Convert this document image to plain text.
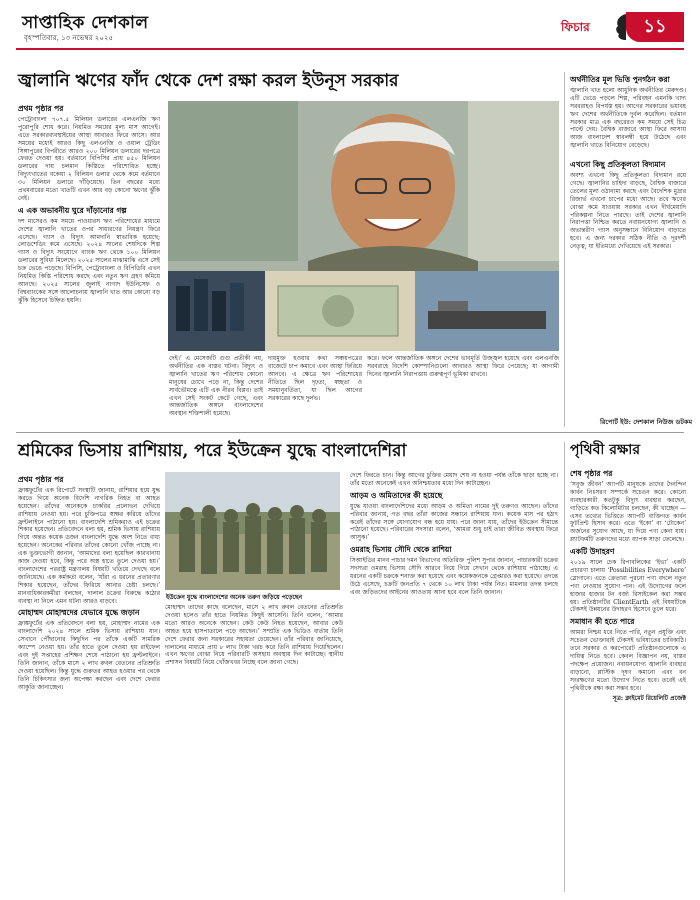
সাপ্তাহিক দেশকাল
বৃহস্পতিবার, ১৩ নভেম্বর ২০২৫
ফিচার	১১
জ্বালানি ঋণের ফাঁদ থেকে দেশ রক্ষা করল ইউনূস সরকার
প্রথম পৃষ্ঠার পর

পেট্রোবাংলা ৭০৭.৫ মিলিয়ন ডলারের এলএনজি ঋণ পুরোপুরি শোধ করে। নিয়মিত সময়ের মূল্য মাস আগেই। এতে সরকারব্যবস্থাইয়ের আস্থা আবারও ফিরে আসে। আর সময়ের মধ্যেই আরও কিছু এলএনজি ও ওয়াল ট্রেডিং সিঙ্গাপুরের বিপরীতে আরও ২০০ মিলিয়ন ডলারের দরপত্রে ফেরত দেওয়া হয়। বর্তমানে বিপিসির প্রায় ৪৫০ মিলিয়ন ডলারের দায় চলমান কিস্তিতে পরিশোধিত হচ্ছে। বিদ্যুৎখাতের বকেয়া ২ বিলিয়ন ডলার থেকে কমে বর্তমানে ৩০ মিলিয়ন ডলারে দাঁড়িয়েছে। তিন বছরের মধ্যে প্রথমবারের মতো খাতটি এখন আর বড় কোনো ঋণের ঝুঁকি নেই।

এ এক অভাবনীয় ঘুরে দাঁড়ানোর গল্প

দশ মাসেরও কম সময়ে পাওয়ারস ঋণ পরিশোধের মাধ্যমে দেশের জ্বালানি খাতের ওপর সাধারণের নিয়ন্ত্রণ ফিরে এসেছে। গ্যাস ও বিদ্যুৎ আমদানি স্বাভাবিক হয়েছে; লোডশেডিং কমে এসেছে। ২০২৪ সালের শেষদিকে শিল্প গ্যাস ও বিদ্যুৎ সংযোগে ব্যাংক ঋণ থেকে ১০০ মিলিয়ন ডলারের সুবিধা মিলেছে। ২০২৫ সালের মাঝামাঝি এসে সেই চক্র ভেঙে পড়েছে। বিপিসি, পেট্রোবাংলা ও বিপিডিবি এখন নিয়মিত কিস্তি পরিশোধ করছে এবং নতুন ঋণ গ্রহণ কমিয়ে আনছে। ২০২৫ সালের জুলাই নাগাদ ইউনিসেফ ও বিশ্বব্যাংকের সঙ্গে আলোচনায় জ্বালানি খাত আর কোনো বড় ঝুঁকি হিসেবে চিহ্নিত হয়নি।

দেই।’ এ মেসেজটি গুগু প্রতীকী নয়, অর্থনীতির এক বাস্তব ঘটনা। বিদ্যুৎ ও জ্বালানি খাতের ঋণ পরিশোধ কোনো মানুষের চোখে পড়ে না, কিন্তু দেশের সার্বভৌমত্বে এটি এক নীরব বিপ্লব। তাই এখন সেই সংকট কেটে গেছে, এবং আন্তর্জাতিক অঙ্গনে বাংলাদেশের অবস্থান শক্তিশালী হয়েছে।

দায়মুক্ত হওয়ার কথা সঞ্চয়পত্রের বাজেটে চাপ কমাবে এবং আস্থা ফিরিয়ে আনবে। এ ক্ষেত্রে ঋণ পরিশোধের নীতিতে ছিল দৃঢ়তা, স্বচ্ছতা ও সময়ানুবর্তিতা, যা ছিল আগের সরকারের কাছে দুর্লভ।

করে। ফলে আন্তর্জাতিক অঙ্গনে দেশের ভাবমূর্তি উজ্জ্বল হয়েছে এবং এলএনজি সরবরাহে বিদেশি কোম্পানিগুলো আবারও আস্থা ফিরে পেয়েছে; যা আগামী দিনের জ্বালানি নিরাপত্তায় গুরুত্বপূর্ণ ভূমিকা রাখবে।

অর্থনীতির মূল ভিত্তি পুনর্গঠন করা

জ্বালানি খাত হলো আধুনিক অর্থনীতির মেরুদণ্ড। এটি ভেঙে পড়লে শিল্প, পরিবহন এমনকি খাদ্য সরবরাহও বিপর্যস্ত হয়। আগের সরকারের ভয়াবহ ঋণ দেশের অর্থনীতিকে দুর্বল করেছিল। বর্তমান সরকার মাত্র এক বছরেরও কম সময়ে সেই চিত্র পাল্টে দেয়। বৈশ্বিক বাজারে আস্থা ফিরে আসায় আজ বাংলাদেশ স্বাবলম্বী হয়ে উঠেছে এবং জ্বালানি খাতে বিনিয়োগ বেড়েছে।

এখনো কিছু প্রতিকূলতা বিদ্যমান

অবশ্য এখনো কিছু প্রতিকূলতা বিদ্যমান রয়ে গেছে। জ্বালানির চাহিদা বাড়ছে, বৈশ্বিক বাজারে তেলের মূল্য ওঠানামা করছে এবং বৈদেশিক মুদ্রার রিজার্ভ এখনো চাপের মধ্যে আছে। তবে ঋণের বোঝা কমে যাওয়ায় সরকার এখন দীর্ঘমেয়াদি পরিকল্পনা নিতে পারছে। তাই দেশের জ্বালানি নিরাপত্তা নিশ্চিত করতে নবায়নযোগ্য জ্বালানি ও অভ্যন্তরীণ গ্যাস অনুসন্ধানে বিনিয়োগ বাড়াতে হবে। এ জন্য দরকার সঠিক নীতি ও দূরদর্শী নেতৃত্ব, যা ইতিমধ্যে দেখিয়েছে এই সরকার।

রিপোর্ট ইউ: দেশকাল নিউজ ডটকম
শ্রমিকের ভিসায় রাশিয়ায়, পরে ইউক্রেন যুদ্ধে বাংলাদেশিরা
প্রথম পৃষ্ঠার পর

ফ্রাঙ্কফুর্টের এক রিপোর্টে সংস্থাটি জানায়, রাশিয়ার হয়ে যুদ্ধ করতে গিয়ে অনেক বিদেশি নাগরিক নিহত বা আহত হয়েছেন। তাঁদের অনেককে চাকরির প্রলোভন দেখিয়ে রাশিয়ায় নেওয়া হয়। পরে চুক্তিপত্রে স্বাক্ষর করিয়ে তাঁদের ফ্রন্টলাইনে পাঠানো হয়। বাংলাদেশি শ্রমিকরাও এই চক্রের শিকার হয়েছেন। প্রতিবেদনে বলা হয়, শ্রমিক ভিসায় রাশিয়ায় গিয়ে অন্তত কয়েক ডজন বাংলাদেশি যুদ্ধে অংশ নিতে বাধ্য হয়েছেন। অনেকের পরিবার তাঁদের কোনো খোঁজ পাচ্ছে না। এক ভুক্তভোগী জানান, ‘আমাদের বলা হয়েছিল কারখানায় কাজ দেওয়া হবে, কিন্তু পরে অস্ত্র হাতে তুলে দেওয়া হয়।’ বাংলাদেশের পররাষ্ট্র মন্ত্রণালয় বিষয়টি খতিয়ে দেখছে বলে জানিয়েছে। এক কর্মকর্তা বলেন, ‘যাঁরা এ ধরনের প্রতারণার শিকার হয়েছেন, তাঁদের ফিরিয়ে আনার চেষ্টা চলছে।’ মানবাধিকারকর্মীরা বলছেন, দালাল চক্রের বিরুদ্ধে কঠোর ব্যবস্থা না নিলে এমন ঘটনা আরও বাড়বে।

মোহাম্মদ মোহাম্মদের যেভাবে যুদ্ধে জড়ান

ফ্রাঙ্কফুর্টের এক প্রতিবেদনে বলা হয়, মোহাম্মদ নামের এক বাংলাদেশি ২০২৪ সালে শ্রমিক ভিসায় রাশিয়ায় যান। সেখানে পৌঁছানোর কিছুদিন পর তাঁকে একটি সামরিক ক্যাম্পে নেওয়া হয়। তাঁর হাতে তুলে দেওয়া হয় রাইফেল এবং দুই সপ্তাহের প্রশিক্ষণ শেষে পাঠানো হয় ফ্রন্টলাইনে। তিনি জানান, তাঁকে মাসে ২ লাখ রুবল বেতনের প্রতিশ্রুতি দেওয়া হয়েছিল। কিন্তু যুদ্ধে গুরুতর আহত হওয়ার পর থেকে তিনি চিকিৎসার জন্য অপেক্ষা করছেন এবং দেশে ফেরার আকুতি জানাচ্ছেন।

ইউক্রেন যুদ্ধে বাংলাদেশের অনেক তরুণ জড়িয়ে পড়েছেন

মোহাম্মদ তাদের কাছে বলেছেন, মাসে ২ লাখ রুবল বেতনের প্রতিশ্রুতি দেওয়া হলেও তাঁর হাতে নিয়মিত কিছুই আসেনি। তিনি বলেন, ‘আমার মতো আরও অনেকে আছেন। কেউ কেউ নিহত হয়েছেন, আবার কেউ আহত হয়ে হাসপাতালে পড়ে আছেন।’ সম্প্রতি এক ভিডিও বার্তায় তিনি দেশে ফেরার জন্য সরকারের সহায়তা চেয়েছেন। তাঁর পরিবার জানিয়েছে, দালালের মাধ্যমে প্রায় ৮ লাখ টাকা খরচ করে তিনি রাশিয়ায় গিয়েছিলেন। এখন ঋণের বোঝা নিয়ে পরিবারটি অসহায় অবস্থায় দিন কাটাচ্ছে। স্থানীয় প্রশাসন বিষয়টি নিয়ে খোঁজখবর নিচ্ছে বলে জানা গেছে।

দেশে ফিরতে চান। কিন্তু আগের চুক্তির মেয়াদ শেষ না হওয়া পর্যন্ত তাঁকে ছাড়া হচ্ছে না। তাঁর মতো অনেকেই এখন অনিশ্চয়তার মধ্যে দিন কাটাচ্ছেন।

আড়ম ও অমিতাদের কী হয়েছে

যুদ্ধে যাওয়া বাংলাদেশিদের মধ্যে আড়ম ও অমিতা নামের দুই তরুণও আছেন। তাঁদের পরিবার জানায়, গত বছর তাঁরা কাজের সন্ধানে রাশিয়ায় যান। কয়েক মাস পর হঠাৎ করেই তাঁদের সঙ্গে যোগাযোগ বন্ধ হয়ে যায়। পরে জানা যায়, তাঁদের ইউক্রেন সীমান্তে পাঠানো হয়েছে। পরিবারের সদস্যরা বলেন, ‘আমরা শুধু চাই তারা জীবিত অবস্থায় ফিরে আসুক।’

ওমরাহ ভিসায় সৌদি থেকে রাশিয়া

সিআইডির মানব পাচার দমন বিভাগের অতিরিক্ত পুলিশ সুপার জানান, পাচারকারী চক্রের সদস্যরা ওমরাহ ভিসায় সৌদি আরবে নিয়ে গিয়ে সেখান থেকে রাশিয়ায় পাঠাচ্ছে। এ ধরনের একটি চক্রকে শনাক্ত করা হয়েছে এবং কয়েকজনকে গ্রেপ্তারও করা হয়েছে। তদন্তে উঠে এসেছে, চক্রটি জনপ্রতি ৭ থেকে ১০ লাখ টাকা পর্যন্ত নিত। মামলার তদন্ত চলছে এবং জড়িতদের আইনের আওতায় আনা হবে বলে তিনি জানান।

পৃথিবী রক্ষার
শেষ পৃষ্ঠার পর

‘সবুজ জীবন’ অ্যাপটি মানুষকে তাদের দৈনন্দিন কার্বন নিঃসরণ সম্পর্কে সচেতন করে। কোনো ব্যবহারকারী কতটুকু বিদ্যুৎ ব্যবহার করছেন, গাড়িতে কত কিলোমিটার চলছেন, কী খাচ্ছেন — এসব তথ্যের ভিত্তিতে অ্যাপটি ব্যক্তিগত কার্বন ফুটপ্রিন্ট হিসাব করে। এতে ‘ইকো’ বা ‘টোকেন’ অর্জনের সুযোগ আছে, যা দিয়ে পণ্য কেনা যায়। প্ল্যাটফর্মটি তরুণদের মধ্যে ব্যাপক সাড়া ফেলেছে।

একটি উদাহরণ

২০১৯ সালে চেক রিপাবলিকের ‘ইভা’ একটি প্রচারণা চালায় ‘Possibilities Everywhere’ স্লোগানে। এতে ক্রেতারা পুরনো পণ্য বদলে নতুন পণ্য নেওয়ার সুযোগ পান। এই উদ্যোগের ফলে হাজার হাজার টন বর্জ্য রিসাইকেল করা সম্ভব হয়। প্রতিষ্ঠানটির ClientEarth এই বিষয়টিকে টেকসই উন্নয়নের উদাহরণ হিসেবে তুলে ধরে।

সমাধান কী হতে পারে

আমরা নিশ্চয় ধরে নিতে পারি, নতুন প্রযুক্তি এবং সচেতন ভোক্তারাই টেকসই ভবিষ্যতের চাবিকাঠি। তবে সরকার ও করপোরেট প্রতিষ্ঠানগুলোকে এ দায়িত্ব নিতে হবে। কেবল বিজ্ঞাপন নয়, বাস্তব পদক্ষেপ প্রয়োজন। নবায়নযোগ্য জ্বালানি ব্যবহার বাড়ানো, প্লাস্টিক দূষণ কমানো এবং বন সংরক্ষণের মতো উদ্যোগ নিতে হবে। তবেই এই পৃথিবীকে রক্ষা করা সম্ভব হবে।

সূত্র: ক্লাইমেট রিয়েলিটি প্রজেক্ট
